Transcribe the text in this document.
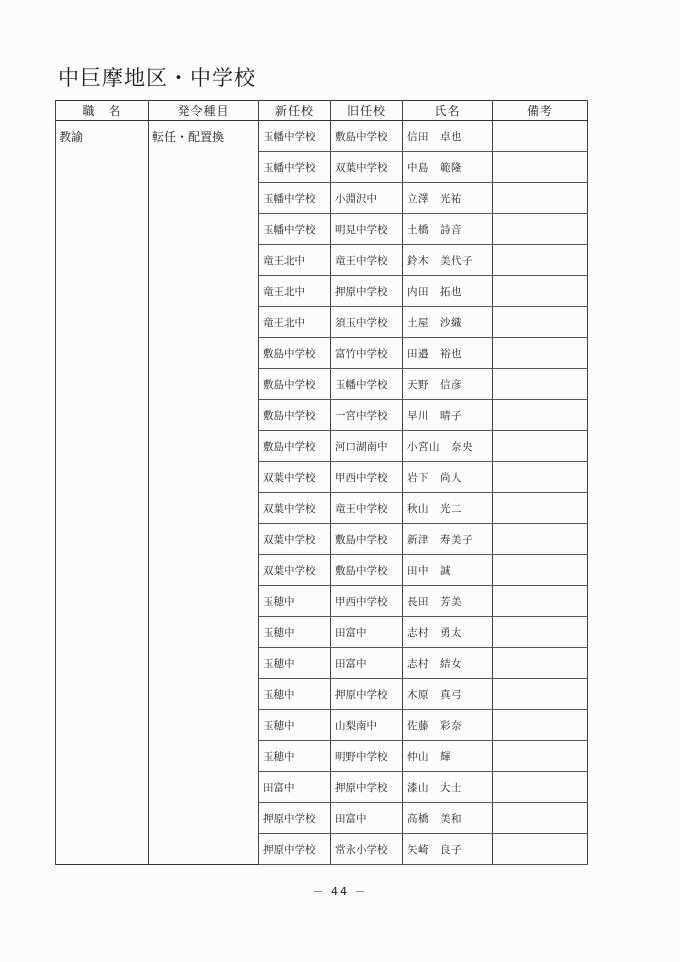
中巨摩地区・中学校
職　名	発令種目	新任校	旧任校	氏名	備考
教諭	転任・配置換	玉幡中学校	敷島中学校	信田　卓也	
		玉幡中学校	双葉中学校	中島　範隆	
		玉幡中学校	小淵沢中	立澤　光祐	
		玉幡中学校	明見中学校	土橋　詩音	
		竜王北中	竜王中学校	鈴木　美代子	
		竜王北中	押原中学校	内田　拓也	
		竜王北中	須玉中学校	土屋　沙織	
		敷島中学校	富竹中学校	田邉　裕也	
		敷島中学校	玉幡中学校	天野　信彦	
		敷島中学校	一宮中学校	早川　晴子	
		敷島中学校	河口湖南中	小宮山　奈央	
		双葉中学校	甲西中学校	岩下　尚人	
		双葉中学校	竜王中学校	秋山　光二	
		双葉中学校	敷島中学校	新津　寿美子	
		双葉中学校	敷島中学校	田中　誠	
		玉穂中	甲西中学校	長田　芳美	
		玉穂中	田富中	志村　勇太	
		玉穂中	田富中	志村　結女	
		玉穂中	押原中学校	木原　真弓	
		玉穂中	山梨南中	佐藤　彩奈	
		玉穂中	明野中学校	仲山　輝	
		田富中	押原中学校	漆山　大士	
		押原中学校	田富中	高橋　美和	
		押原中学校	常永小学校	矢崎　良子	
－ 44 －
